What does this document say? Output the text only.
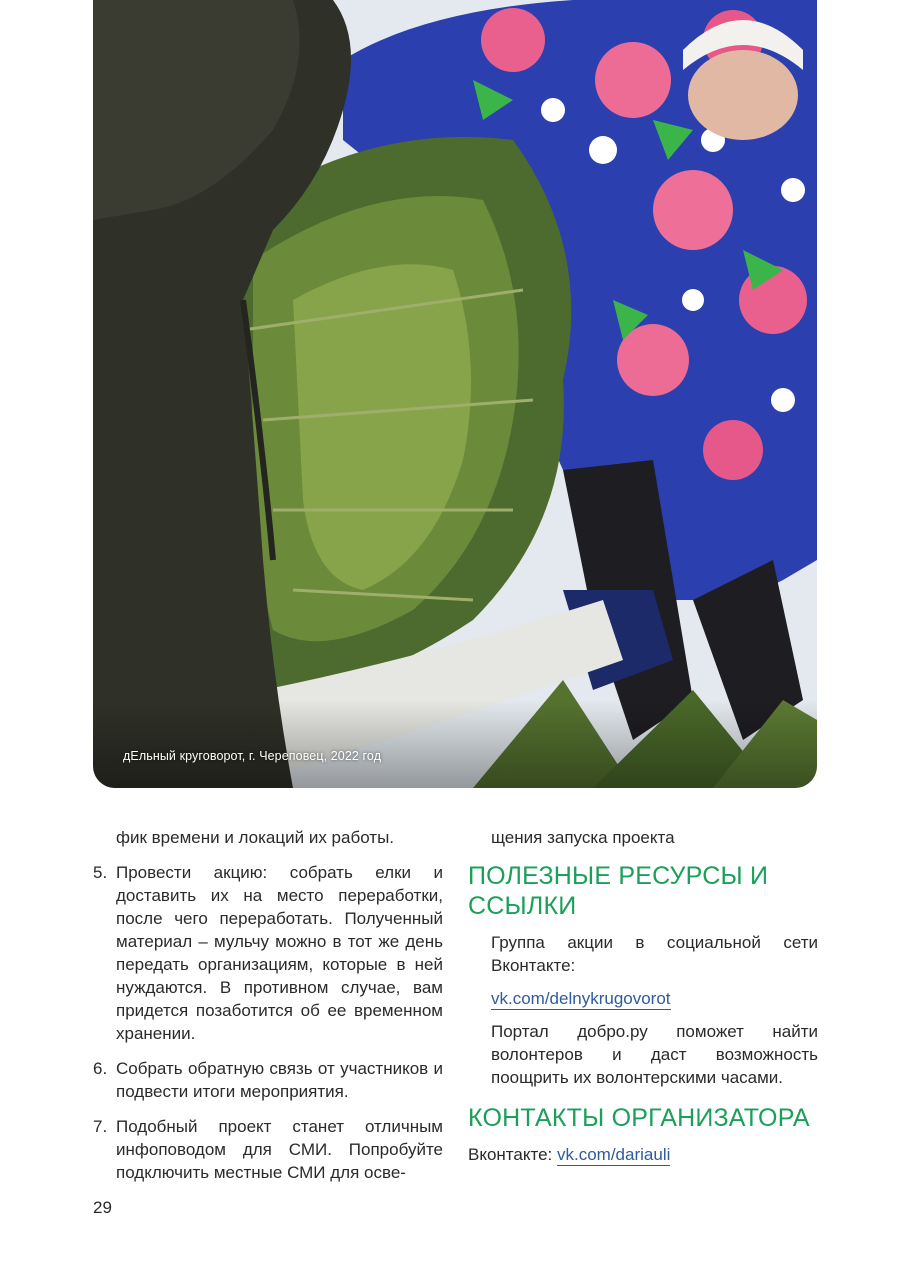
дЕльный круговорот, г. Череповец, 2022 год

фик времени и локаций их работы.

5. Провести акцию: собрать елки и доставить их на место переработки, после чего переработать. Полученный материал – мульчу можно в тот же день передать организациям, которые в ней нуждаются. В противном случае, вам придется позаботится об ее временном хранении.

6. Собрать обратную связь от участников и подвести итоги мероприятия.

7. Подобный проект станет отличным инфоповодом для СМИ. Попробуйте подключить местные СМИ для осве-

щения запуска проекта

ПОЛЕЗНЫЕ РЕСУРСЫ И ССЫЛКИ

Группа акции в социальной сети Вконтакте:

vk.com/delnykrugovorot

Портал добро.ру поможет найти волонтеров и даст возможность поощрить их волонтерскими часами.

КОНТАКТЫ ОРГАНИЗАТОРА

Вконтакте: vk.com/dariauli

29
